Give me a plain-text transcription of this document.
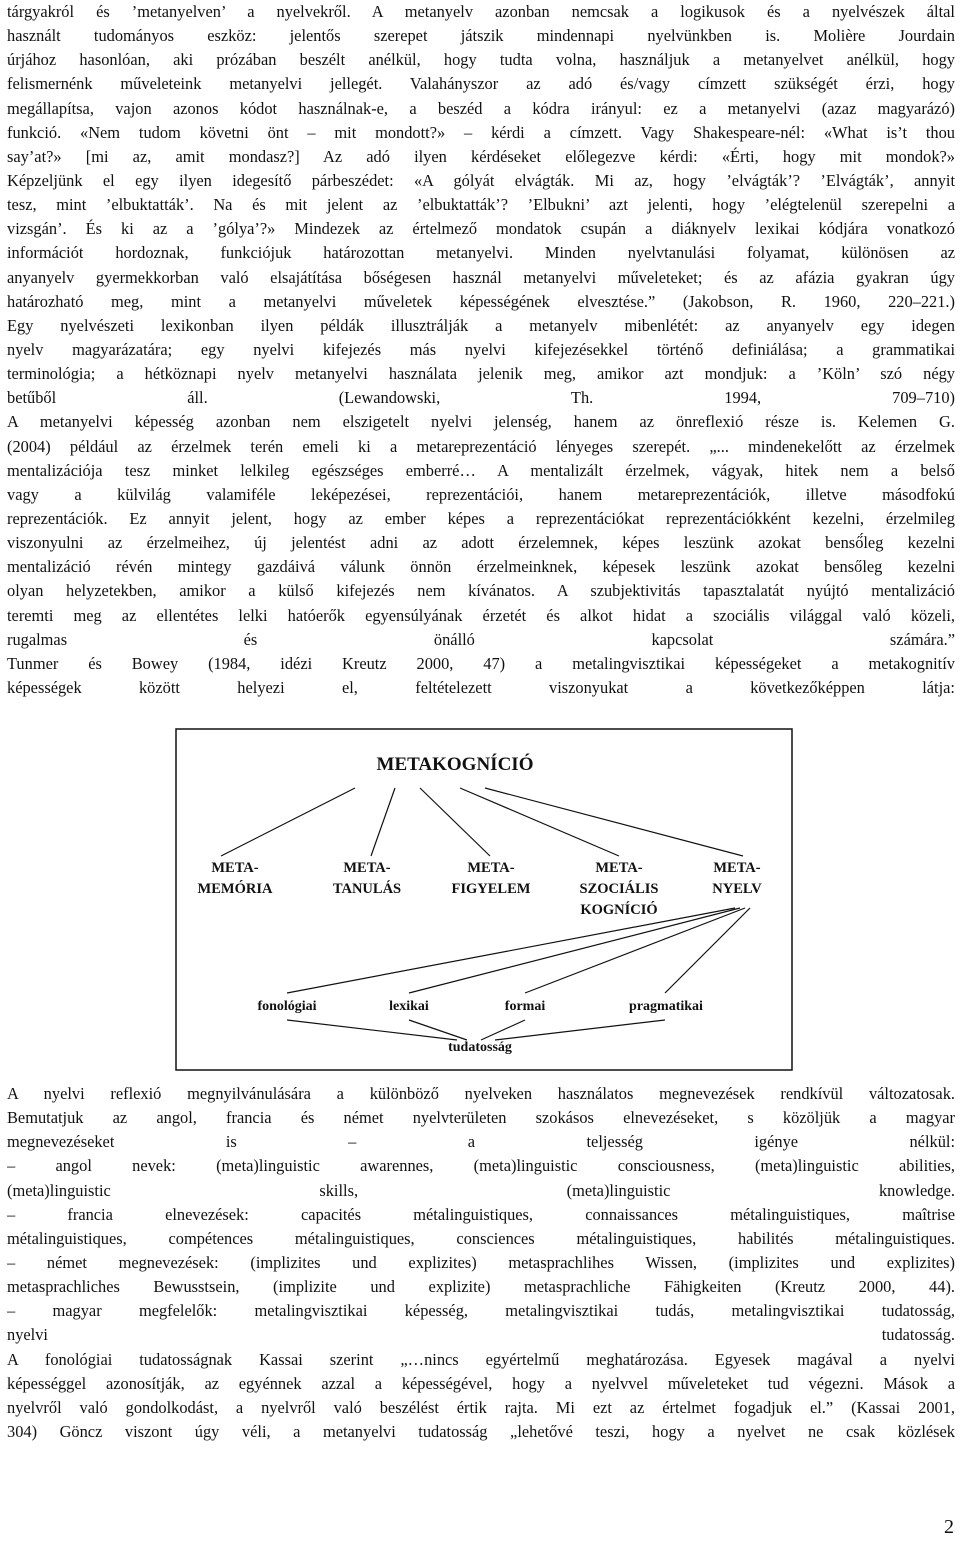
tárgyakról és ’metanyelven’ a nyelvekről. A metanyelv azonban nemcsak a logikusok és a nyelvészek által
használt tudományos eszköz: jelentős szerepet játszik mindennapi nyelvünkben is. Molière Jourdain
úrjához hasonlóan, aki prózában beszélt anélkül, hogy tudta volna, használjuk a metanyelvet anélkül, hogy
felismernénk műveleteink metanyelvi jellegét. Valahányszor az adó és/vagy címzett szükségét érzi, hogy
megállapítsa, vajon azonos kódot használnak-e, a beszéd a kódra irányul: ez a metanyelvi (azaz magyarázó)
funkció. «Nem tudom követni önt – mit mondott?» – kérdi a címzett. Vagy Shakespeare-nél: «What is’t thou
say’at?» [mi az, amit mondasz?] Az adó ilyen kérdéseket előlegezve kérdi: «Érti, hogy mit mondok?»
Képzeljünk el egy ilyen idegesítő párbeszédet: «A gólyát elvágták. Mi az, hogy ’elvágták’? ’Elvágták’, annyit
tesz, mint ’elbuktatták’. Na és mit jelent az ’elbuktatták’? ’Elbukni’ azt jelenti, hogy ’elégtelenül szerepelni a
vizsgán’. És ki az a ’gólya’?» Mindezek az értelmező mondatok csupán a diáknyelv lexikai kódjára vonatkozó
információt hordoznak, funkciójuk határozottan metanyelvi. Minden nyelvtanulási folyamat, különösen az
anyanyelv gyermekkorban való elsajátítása bőségesen használ metanyelvi műveleteket; és az afázia gyakran úgy
határozható meg, mint a metanyelvi műveletek képességének elvesztése.” (Jakobson, R. 1960, 220–221.)
Egy nyelvészeti lexikonban ilyen példák illusztrálják a metanyelv mibenlétét: az anyanyelv egy idegen
nyelv magyarázatára; egy nyelvi kifejezés más nyelvi kifejezésekkel történő definiálása; a grammatikai
terminológia; a hétköznapi nyelv metanyelvi használata jelenik meg, amikor azt mondjuk: a ’Köln’ szó négy
betűből áll. (Lewandowski, Th. 1994, 709–710)
A metanyelvi képesség azonban nem elszigetelt nyelvi jelenség, hanem az önreflexió része is. Kelemen G.
(2004) például az érzelmek terén emeli ki a metareprezentáció lényeges szerepét. „... mindenekelőtt az érzelmek
mentalizációja tesz minket lelkileg egészséges emberré… A mentalizált érzelmek, vágyak, hitek nem a belső
vagy a külvilág valamiféle leképezései, reprezentációi, hanem metareprezentációk, illetve másodfokú
reprezentációk. Ez annyit jelent, hogy az ember képes a reprezentációkat reprezentációkként kezelni, érzelmileg
viszonyulni az érzelmeihez, új jelentést adni az adott érzelemnek, képes leszünk azokat benső́leg kezelni
mentalizáció révén mintegy gazdáivá válunk önnön érzelmeinknek, képesek leszünk azokat bensőleg kezelni
olyan helyzetekben, amikor a külső kifejezés nem kívánatos. A szubjektivitás tapasztalatát nyújtó mentalizáció
teremti meg az ellentétes lelki hatóerők egyensúlyának érzetét és alkot hidat a szociális világgal való közeli,
rugalmas és önálló kapcsolat számára.”
Tunmer és Bowey (1984, idézi Kreutz 2000, 47) a metalingvisztikai képességeket a metakognitív
képességek között helyezi el, feltételezett viszonyukat a következőképpen látja:
METAKOGNÍCIÓ
META-
MEMÓRIA
META-
TANULÁS
META-
FIGYELEM
META-
SZOCIÁLIS
KOGNÍCIÓ
META-
NYELV
fonológiai	lexikai	formai	pragmatikai
tudatosság
A nyelvi reflexió megnyilvánulására a különböző nyelveken használatos megnevezések rendkívül változatosak.
Bemutatjuk az angol, francia és német nyelvterületen szokásos elnevezéseket, s közöljük a magyar
megnevezéseket is – a teljesség igénye nélkül:
– angol nevek: (meta)linguistic awarennes, (meta)linguistic consciousness, (meta)linguistic abilities,
(meta)linguistic skills, (meta)linguistic knowledge.
– francia elnevezések: capacités métalinguistiques, connaissances métalinguistiques, maîtrise
métalinguistiques, compétences métalinguistiques, consciences métalinguistiques, habilités métalinguistiques.
– német megnevezések: (implizites und explizites) metasprachlihes Wissen, (implizites und explizites)
metasprachliches Bewusstsein, (implizite und explizite) metasprachliche Fähigkeiten (Kreutz 2000, 44).
– magyar megfelelők: metalingvisztikai képesség, metalingvisztikai tudás, metalingvisztikai tudatosság,
nyelvi tudatosság.
A fonológiai tudatosságnak Kassai szerint „…nincs egyértelmű meghatározása. Egyesek magával a nyelvi
képességgel azonosítják, az egyénnek azzal a képességével, hogy a nyelvvel műveleteket tud végezni. Mások a
nyelvről való gondolkodást, a nyelvről való beszélést értik rajta. Mi ezt az értelmet fogadjuk el.” (Kassai 2001,
304) Göncz viszont úgy véli, a metanyelvi tudatosság „lehetővé teszi, hogy a nyelvet ne csak közlések
2
